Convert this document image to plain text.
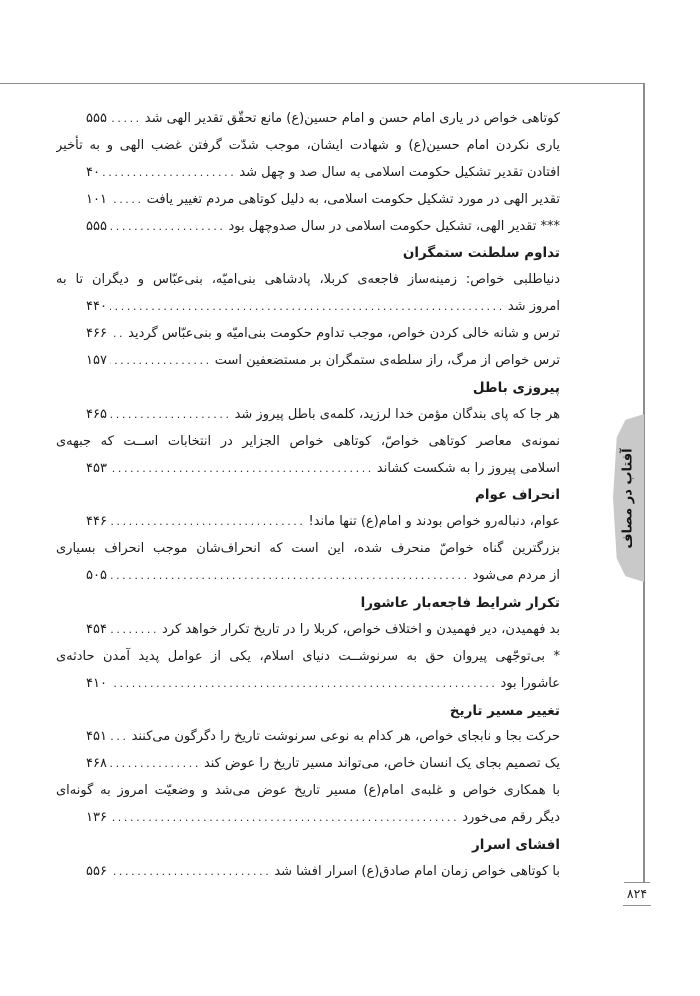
کوتاهی خواص در یاری امام حسن و امام حسین(ع) مانع تحقّق تقدیر الهی شد
.....
۵۵۵
یاری نکردن امام حسین(ع) و شهادت ایشان، موجب شدّت گرفتن غضب الهی و به تأخیر
افتادن تقدیر تشکیل حکومت اسلامی به سال صد و چهل شد
.....
۴۰
تقدیر الهی در مورد تشکیل حکومت اسلامی، به دلیل کوتاهی مردم تغییر یافت
.....
۱۰۱
*** تقدیر الهی، تشکیل حکومت اسلامی در سال صدوچهل بود
.....
۵۵۵
تداوم سلطنت ستمگران
دنیاطلبی خواص: زمینه‌ساز فاجعه‌ی کربلا، پادشاهی بنی‌امیّه، بنی‌عبّاس و دیگران تا به
امروز شد
.....
۴۴۰
ترس و شانه خالی کردن خواص، موجب تداوم حکومت بنی‌امیّه و بنی‌عبّاس گردید
.....
۴۶۶
ترس خواص از مرگ، راز سلطه‌ی ستمگران بر مستضعفین است
.....
۱۵۷
پیروزی باطل
هر جا که پای بندگان مؤمن خدا لرزید، کلمه‌ی باطل پیروز شد
.....
۴۶۵
نمونه‌ی معاصر کوتاهی خواصّ، کوتاهی خواص الجزایر در انتخابات اســت که جبهه‌ی
اسلامی پیروز را به شکست کشاند
.....
۴۵۳
انحراف عوام
عوام، دنباله‌رو خواص بودند و امام(ع) تنها ماند!
.....
۴۴۶
بزرگترین گناه خواصّ منحرف شده، این است که انحراف‌شان موجب انحراف بسیاری
از مردم می‌شود
.....
۵۰۵
تکرار شرایط فاجعه‌بار عاشورا
بد فهمیدن، دیر فهمیدن و اختلاف خواص، کربلا را در تاریخ تکرار خواهد کرد
.....
۴۵۴
* بی‌توجّهی پیروان حق به سرنوشــت دنیای اسلام، یکی از عوامل پدید آمدن حادثه‌ی
عاشورا بود
.....
۴۱۰
تغییر مسیر تاریخ
حرکت بجا و نابجای خواص، هر کدام به نوعی سرنوشت تاریخ را دگرگون می‌کنند
.....
۴۵۱
یک تصمیم بجای یک انسان خاص، می‌تواند مسیر تاریخ را عوض کند
.....
۴۶۸
با همکاری خواص و غلبه‌ی امام(ع) مسیر تاریخ عوض می‌شد و وضعیّت امروز به گونه‌ای
دیگر رقم می‌خورد
.....
۱۳۶
افشای اسرار
با کوتاهی خواص زمان امام صادق(ع) اسرار افشا شد
.....
۵۵۶
آفتاب در مصاف
۸۲۴
